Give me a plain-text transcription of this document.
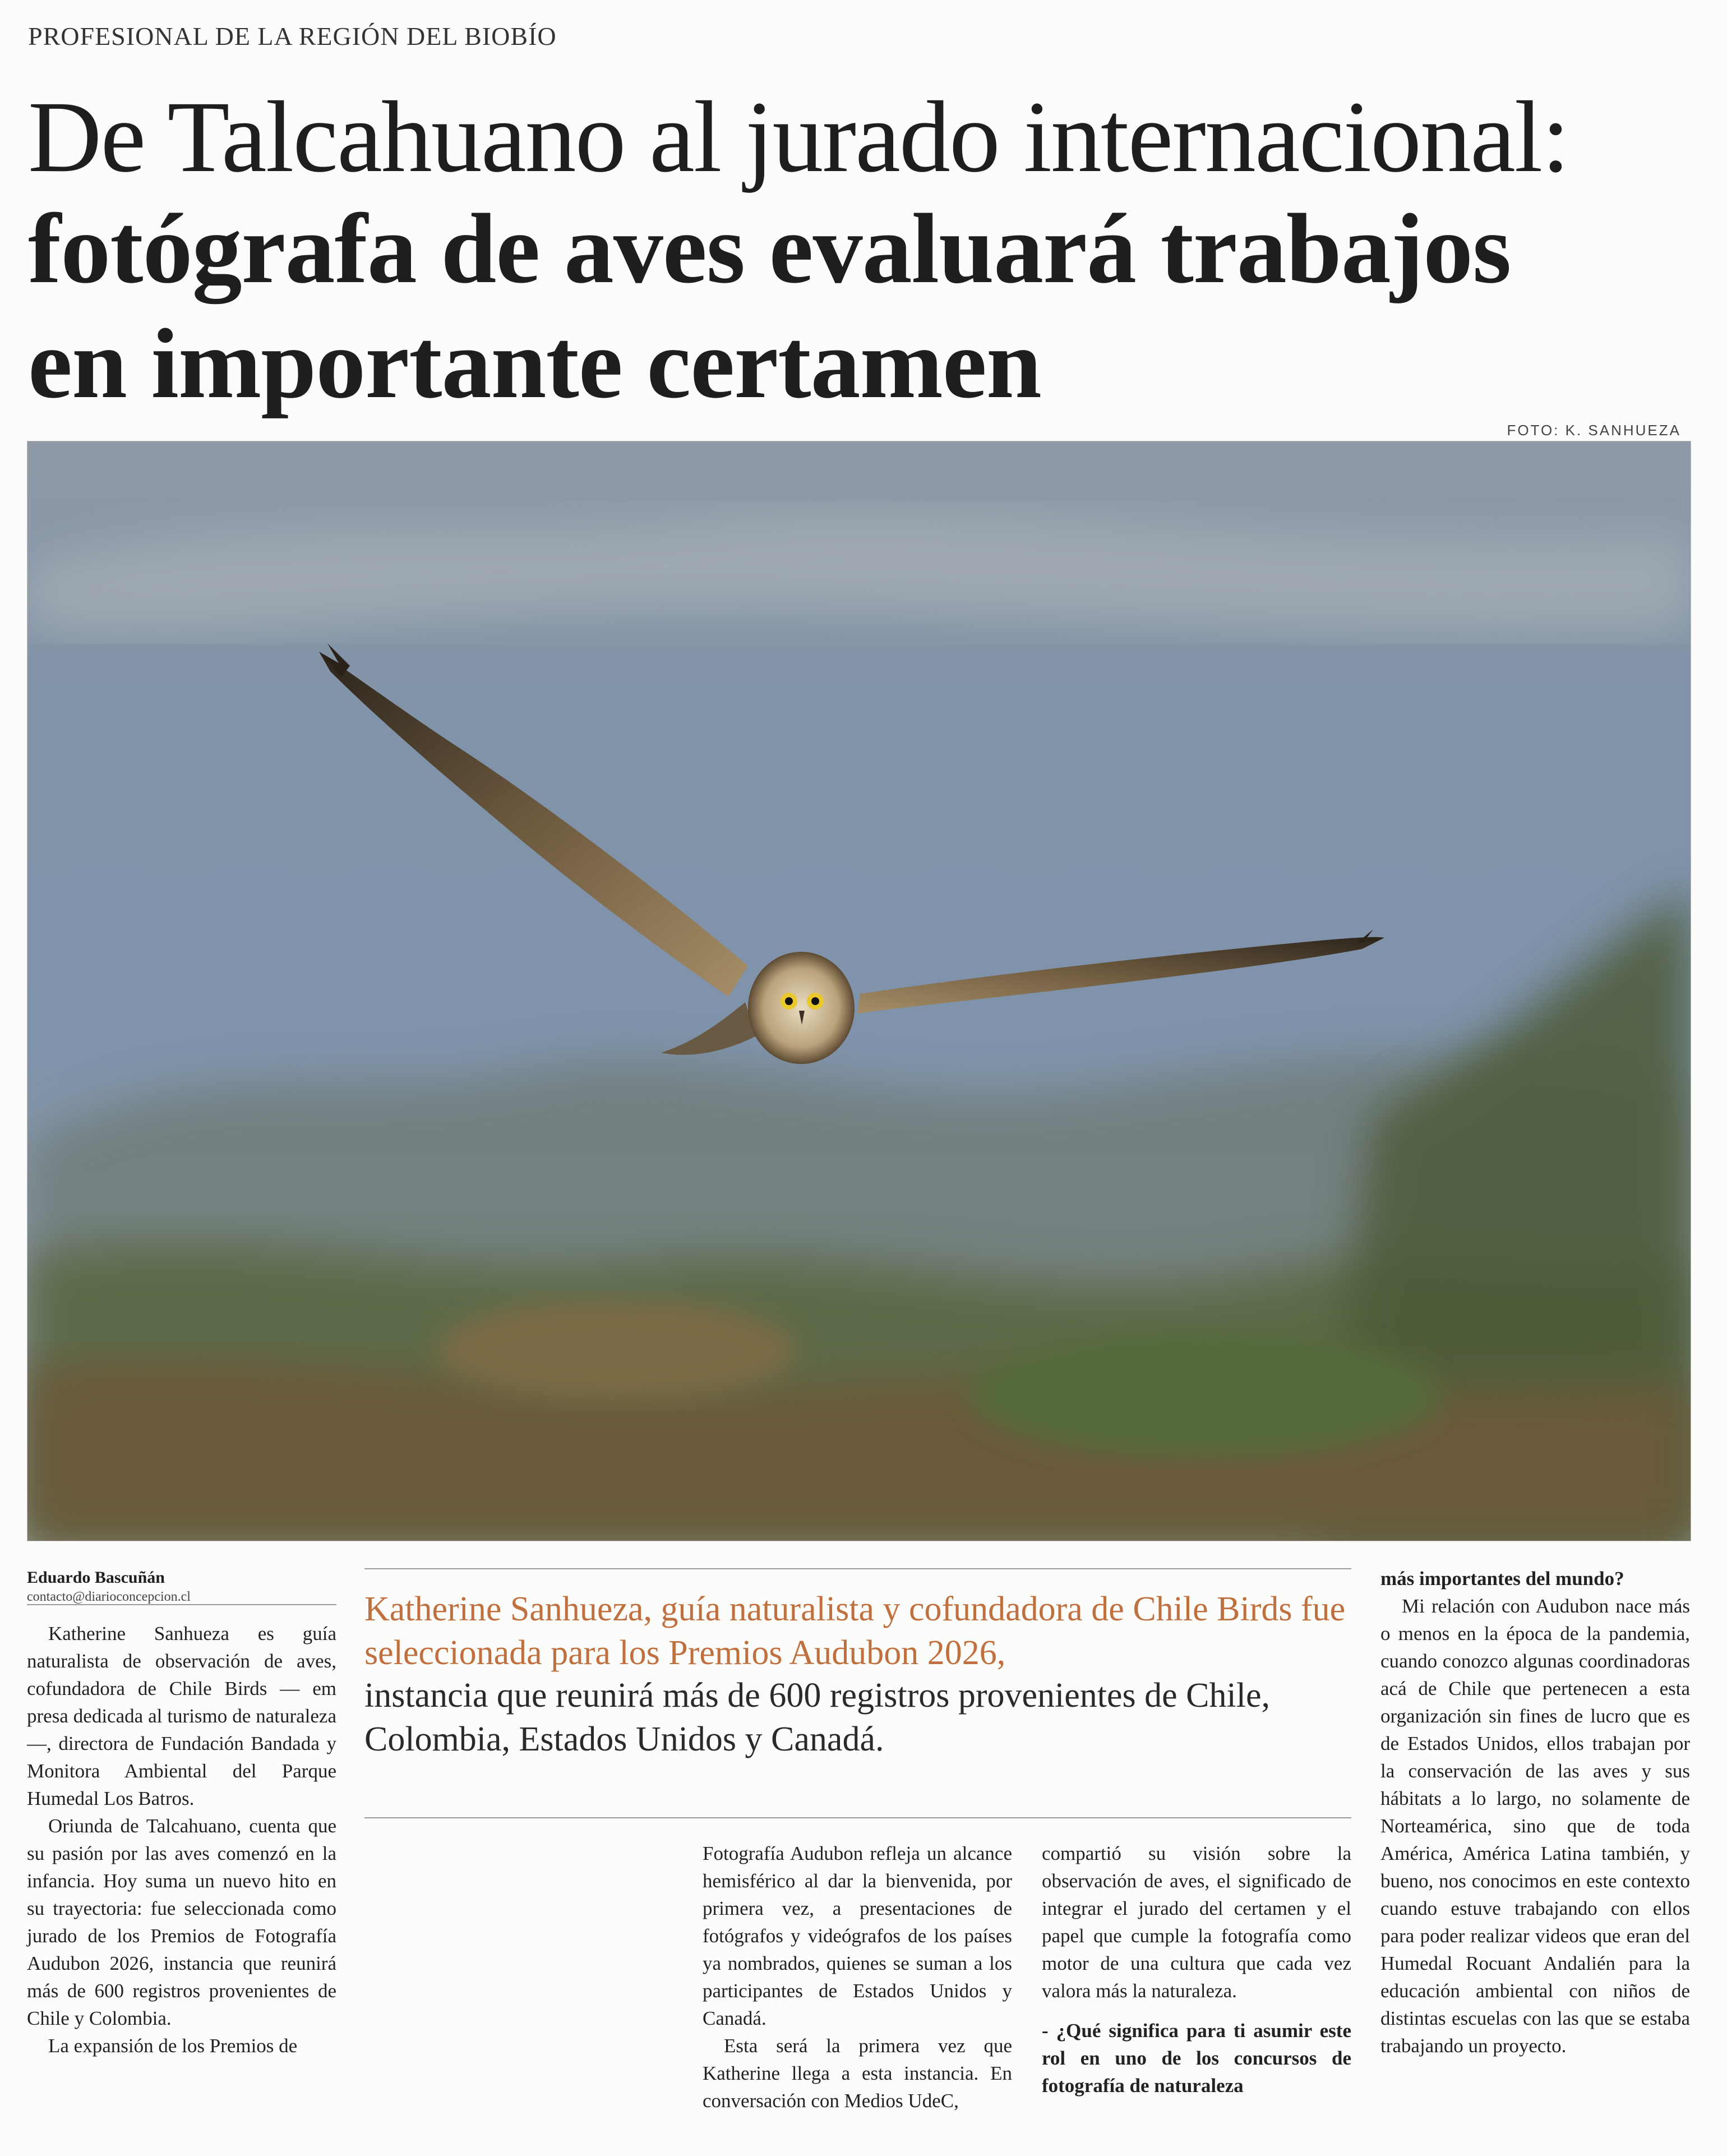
PROFESIONAL DE LA REGIÓN DEL BIOBÍO
De Talcahuano al jurado internacional:
fotógrafa de aves evaluará trabajos
en importante certamen
FOTO: K. SANHUEZA
Eduardo Bascuñán
contacto@diarioconcepcion.cl	Katherine Sanhueza, guía naturalista y cofundadora de Chile Birds fue seleccionada para los Premios Audubon 2026,
instancia que reunirá más de 600 registros provenientes de Chile, Colombia, Estados Unidos y Canadá.

Katherine Sanhueza es guía naturalista de observación de aves, cofundadora de Chile Birds — em presa dedicada al turismo de naturaleza—, directora de Fundación Bandada y Monitora Ambiental del Parque Humedal Los Batros.

Oriunda de Talcahuano, cuenta que su pasión por las aves comenzó en la infancia. Hoy suma un nuevo hito en su trayectoria: fue seleccionada como jurado de los Premios de Fotografía Audubon 2026, instancia que reunirá más de 600 registros provenientes de Chile y Colombia.

La expansión de los Premios de

Fotografía Audubon refleja un alcance hemisférico al dar la bienvenida, por primera vez, a presentaciones de fotógrafos y videógrafos de los países ya nombrados, quienes se suman a los participantes de Estados Unidos y Canadá.

Esta será la primera vez que Katherine llega a esta instancia. En conversación con Medios UdeC,

compartió su visión sobre la observación de aves, el significado de integrar el jurado del certamen y el papel que cumple la fotografía como motor de una cultura que cada vez valora más la naturaleza.

- ¿Qué significa para ti asumir este rol en uno de los concursos de fotografía de naturaleza

más importantes del mundo?

Mi relación con Audubon nace más o menos en la época de la pandemia, cuando conozco algunas coordinadoras acá de Chile que pertenecen a esta organización sin fines de lucro que es de Estados Unidos, ellos trabajan por la conservación de las aves y sus hábitats a lo largo, no solamente de Norteamérica, sino que de toda América, América Latina también, y bueno, nos conocimos en este contexto cuando estuve trabajando con ellos para poder realizar videos que eran del Humedal Rocuant Andalién para la educación ambiental con niños de distintas escuelas con las que se estaba trabajando un proyecto.
